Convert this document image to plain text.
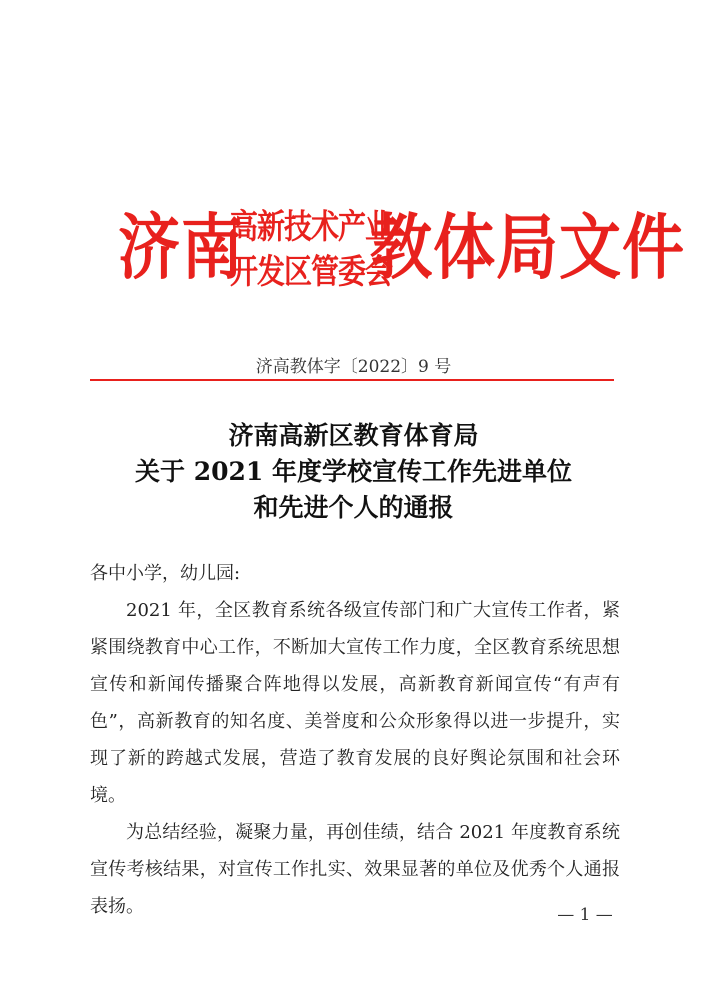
济南
高新技术产业
开发区管委会
教体局文件
济高教体字〔2022〕9 号
济南高新区教育体育局
关于 2021 年度学校宣传工作先进单位
和先进个人的通报
各中小学，幼儿园:

2021 年，全区教育系统各级宣传部门和广大宣传工作者，紧紧围绕教育中心工作，不断加大宣传工作力度，全区教育系统思想宣传和新闻传播聚合阵地得以发展，高新教育新闻宣传“有声有色”，高新教育的知名度、美誉度和公众形象得以进一步提升，实现了新的跨越式发展，营造了教育发展的良好舆论氛围和社会环境。

为总结经验，凝聚力量，再创佳绩，结合 2021 年度教育系统宣传考核结果，对宣传工作扎实、效果显著的单位及优秀个人通报表扬。	— 1 —
